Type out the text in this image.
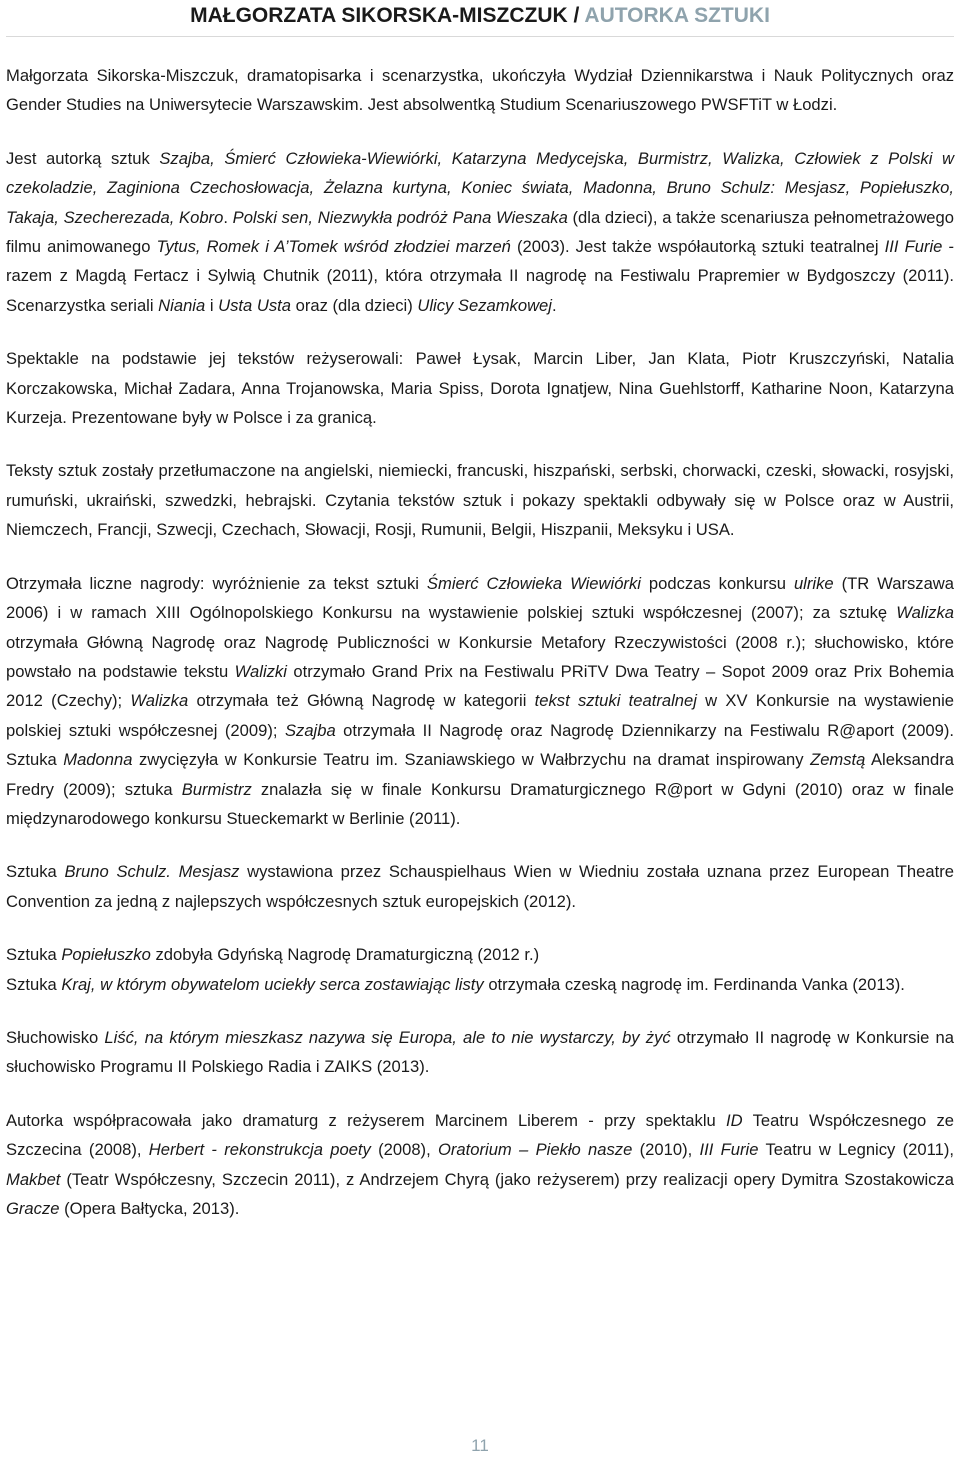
MAŁGORZATA SIKORSKA-MISZCZUK / AUTORKA SZTUKI

Małgorzata Sikorska-Miszczuk, dramatopisarka i scenarzystka, ukończyła Wydział Dziennikarstwa i Nauk Politycznych oraz Gender Studies na Uniwersytecie Warszawskim. Jest absolwentką Studium Scenariuszowego PWSFTiT w Łodzi.

Jest autorką sztuk Szajba, Śmierć Człowieka-Wiewiórki, Katarzyna Medycejska, Burmistrz, Walizka, Człowiek z Polski w czekoladzie, Zaginiona Czechosłowacja, Żelazna kurtyna, Koniec świata, Madonna, Bruno Schulz: Mesjasz, Popiełuszko, Takaja, Szecherezada, Kobro. Polski sen, Niezwykła podróż Pana Wieszaka (dla dzieci), a także scenariusza pełnometrażowego filmu animowanego Tytus, Romek i A’Tomek wśród złodziei marzeń (2003). Jest także współautorką sztuki teatralnej III Furie - razem z Magdą Fertacz i Sylwią Chutnik (2011), która otrzymała II nagrodę na Festiwalu Prapremier w Bydgoszczy (2011). Scenarzystka seriali Niania i Usta Usta oraz (dla dzieci) Ulicy Sezamkowej.

Spektakle na podstawie jej tekstów reżyserowali: Paweł Łysak, Marcin Liber, Jan Klata, Piotr Kruszczyński, Natalia Korczakowska, Michał Zadara, Anna Trojanowska, Maria Spiss, Dorota Ignatjew, Nina Guehlstorff, Katharine Noon, Katarzyna Kurzeja. Prezentowane były w Polsce i za granicą.

Teksty sztuk zostały przetłumaczone na angielski, niemiecki, francuski, hiszpański, serbski, chorwacki, czeski, słowacki, rosyjski, rumuński, ukraiński, szwedzki, hebrajski. Czytania tekstów sztuk i pokazy spektakli odbywały się w Polsce oraz w Austrii, Niemczech, Francji, Szwecji, Czechach, Słowacji, Rosji, Rumunii, Belgii, Hiszpanii, Meksyku i USA.

Otrzymała liczne nagrody: wyróżnienie za tekst sztuki Śmierć Człowieka Wiewiórki podczas konkursu ulrike (TR Warszawa 2006) i w ramach XIII Ogólnopolskiego Konkursu na wystawienie polskiej sztuki współczesnej (2007); za sztukę Walizka otrzymała Główną Nagrodę oraz Nagrodę Publiczności w Konkursie Metafory Rzeczywistości (2008 r.); słuchowisko, które powstało na podstawie tekstu Walizki otrzymało Grand Prix na Festiwalu PRiTV Dwa Teatry – Sopot 2009 oraz Prix Bohemia 2012 (Czechy); Walizka otrzymała też Główną Nagrodę w kategorii tekst sztuki teatralnej w XV Konkursie na wystawienie polskiej sztuki współczesnej (2009); Szajba otrzymała II Nagrodę oraz Nagrodę Dziennikarzy na Festiwalu R@aport (2009). Sztuka Madonna zwycięzyła w Konkursie Teatru im. Szaniawskiego w Wałbrzychu na dramat inspirowany Zemstą Aleksandra Fredry (2009); sztuka Burmistrz znalazła się w finale Konkursu Dramaturgicznego R@port w Gdyni (2010) oraz w finale międzynarodowego konkursu Stueckemarkt w Berlinie (2011).

Sztuka Bruno Schulz. Mesjasz wystawiona przez Schauspielhaus Wien w Wiedniu została uznana przez European Theatre Convention za jedną z najlepszych współczesnych sztuk europejskich (2012).

Sztuka Popiełuszko zdobyła Gdyńską Nagrodę Dramaturgiczną (2012 r.)

Sztuka Kraj, w którym obywatelom uciekły serca zostawiając listy otrzymała czeską nagrodę im. Ferdinanda Vanka (2013).

Słuchowisko Liść, na którym mieszkasz nazywa się Europa, ale to nie wystarczy, by żyć otrzymało II nagrodę w Konkursie na słuchowisko Programu II Polskiego Radia i ZAIKS (2013).

Autorka współpracowała jako dramaturg z reżyserem Marcinem Liberem - przy spektaklu ID Teatru Współczesnego ze Szczecina (2008), Herbert - rekonstrukcja poety (2008), Oratorium – Piekło nasze (2010), III Furie Teatru w Legnicy (2011), Makbet (Teatr Współczesny, Szczecin 2011), z Andrzejem Chyrą (jako reżyserem) przy realizacji opery Dymitra Szostakowicza Gracze (Opera Bałtycka, 2013).

11
